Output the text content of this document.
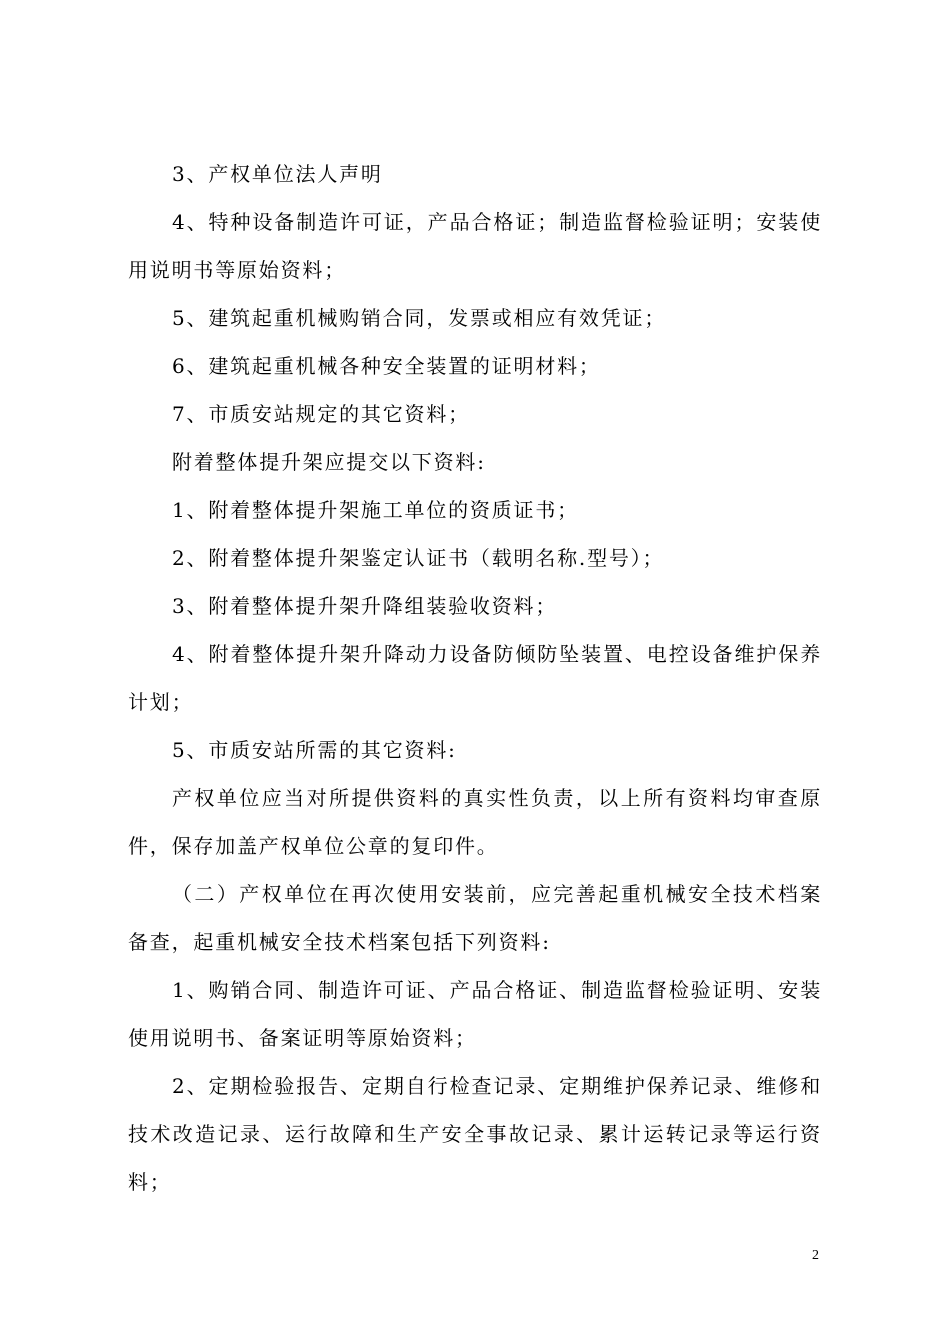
3、产权单位法人声明

4、特种设备制造许可证，产品合格证；制造监督检验证明；安装使用说明书等原始资料；

5、建筑起重机械购销合同，发票或相应有效凭证；

6、建筑起重机械各种安全装置的证明材料；

7、市质安站规定的其它资料；

附着整体提升架应提交以下资料:

1、附着整体提升架施工单位的资质证书；

2、附着整体提升架鉴定认证书（载明名称.型号）；

3、附着整体提升架升降组装验收资料；

4、附着整体提升架升降动力设备防倾防坠装置、电控设备维护保养计划；

5、市质安站所需的其它资料:

产权单位应当对所提供资料的真实性负责，以上所有资料均审查原件，保存加盖产权单位公章的复印件。

（二）产权单位在再次使用安装前，应完善起重机械安全技术档案备查，起重机械安全技术档案包括下列资料:

1、购销合同、制造许可证、产品合格证、制造监督检验证明、安装使用说明书、备案证明等原始资料；

2、定期检验报告、定期自行检查记录、定期维护保养记录、维修和技术改造记录、运行故障和生产安全事故记录、累计运转记录等运行资料；

2
